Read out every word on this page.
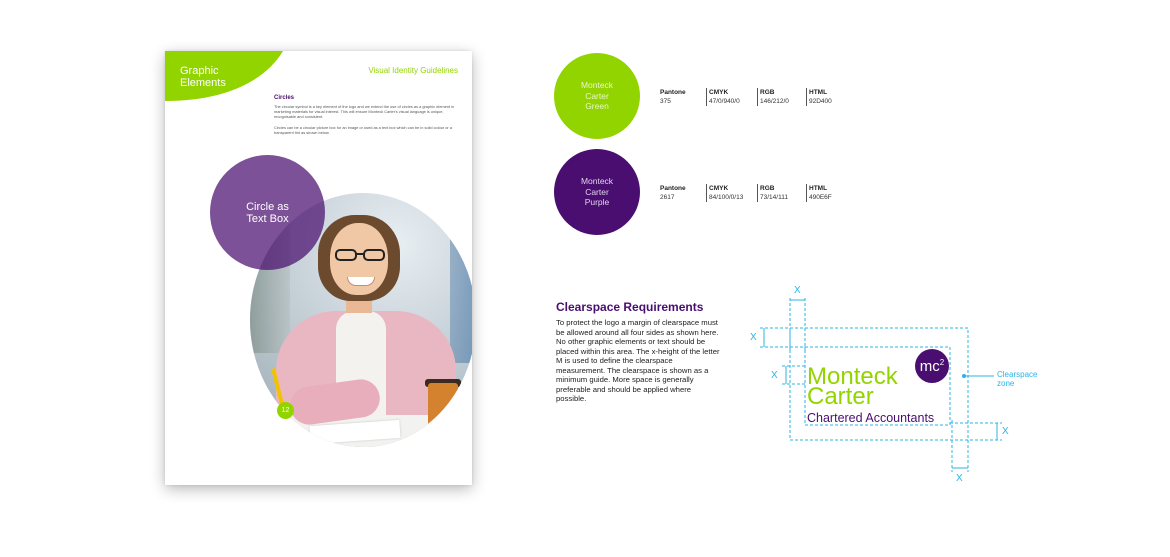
Graphic
Elements
Visual Identity Guidelines
Circles
The circular symbol is a key element of the logo and we extend the use of circles as a graphic element in marketing materials for visual interest. This will ensure Monteck Carter's visual language is unique, recognisable and consistent.
Circles can be a circular picture box for an image or used as a text box which can be in solid colour or a transparent tint as shown below.
Circle as
Text Box
12
Monteck
Carter
Green
Pantone
375
CMYK
47/0/940/0
RGB
146/212/0
HTML
92D400
Monteck
Carter
Purple
Pantone
2617
CMYK
84/100/0/13
RGB
73/14/111
HTML
490E6F
Clearspace Requirements
To protect the logo a margin of clearspace must be allowed around all four sides as shown here. No other graphic elements or text should be placed within this area. The x-height of the letter M is used to define the clearspace measurement. The clearspace is shown as a minimum guide. More space is generally preferable and should be applied where possible.
X
X
X
X
X
Monteck
Carter
Chartered Accountants
$mc^2$
Clearspace
zone
